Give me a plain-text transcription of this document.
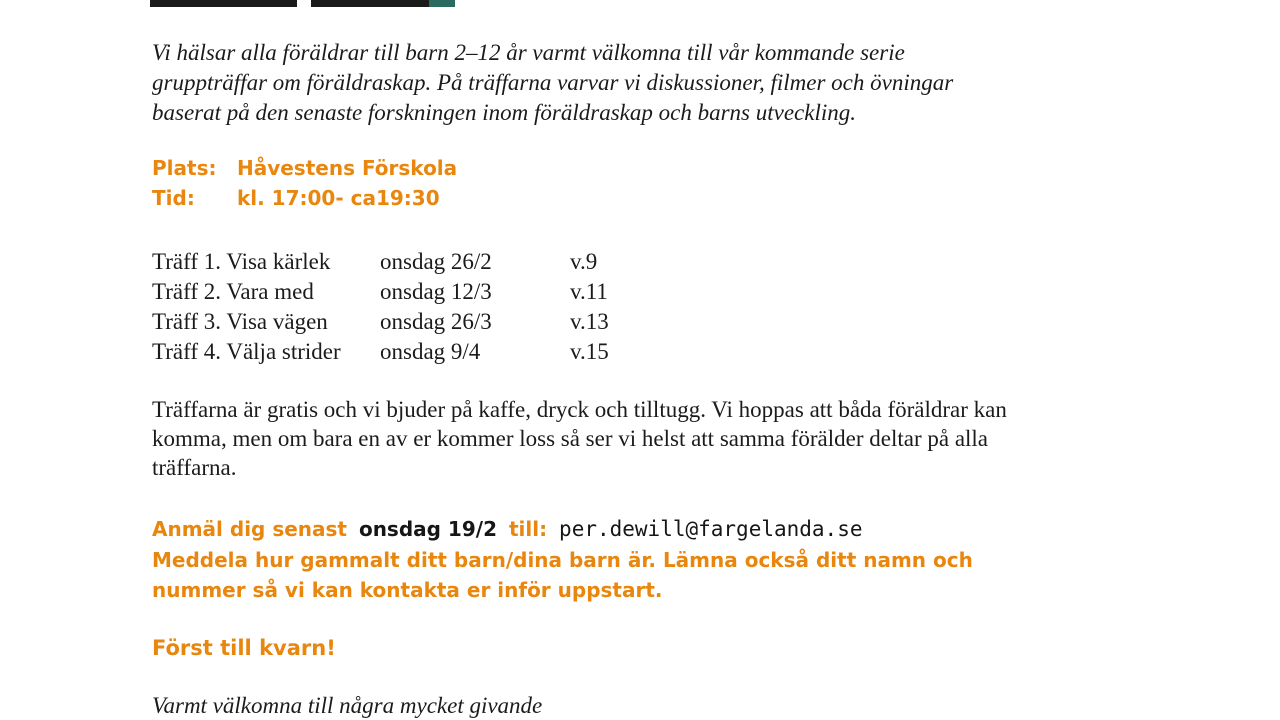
Vi hälsar alla föräldrar till barn 2–12 år varmt välkomna till vår kommande serie
gruppträffar om föräldraskap. På träffarna varvar vi diskussioner, filmer och övningar
baserat på den senaste forskningen inom föräldraskap och barns utveckling.
Plats: Håvestens Förskola
Tid: kl. 17:00- ca19:30
Träff 1. Visa kärlek	onsdag 26/2	v.9
Träff 2. Vara med	onsdag 12/3	v.11
Träff 3. Visa vägen	onsdag 26/3	v.13
Träff 4. Välja strider	onsdag 9/4	v.15
Träffarna är gratis och vi bjuder på kaffe, dryck och tilltugg. Vi hoppas att båda föräldrar kan
komma, men om bara en av er kommer loss så ser vi helst att samma förälder deltar på alla
träffarna.
Anmäl dig senast  onsdag 19/2  till:  per.dewill@fargelanda.se
Meddela hur gammalt ditt barn/dina barn är. Lämna också ditt namn och
nummer så vi kan kontakta er inför uppstart.
Först till kvarn!
Varmt välkomna till några mycket givande
